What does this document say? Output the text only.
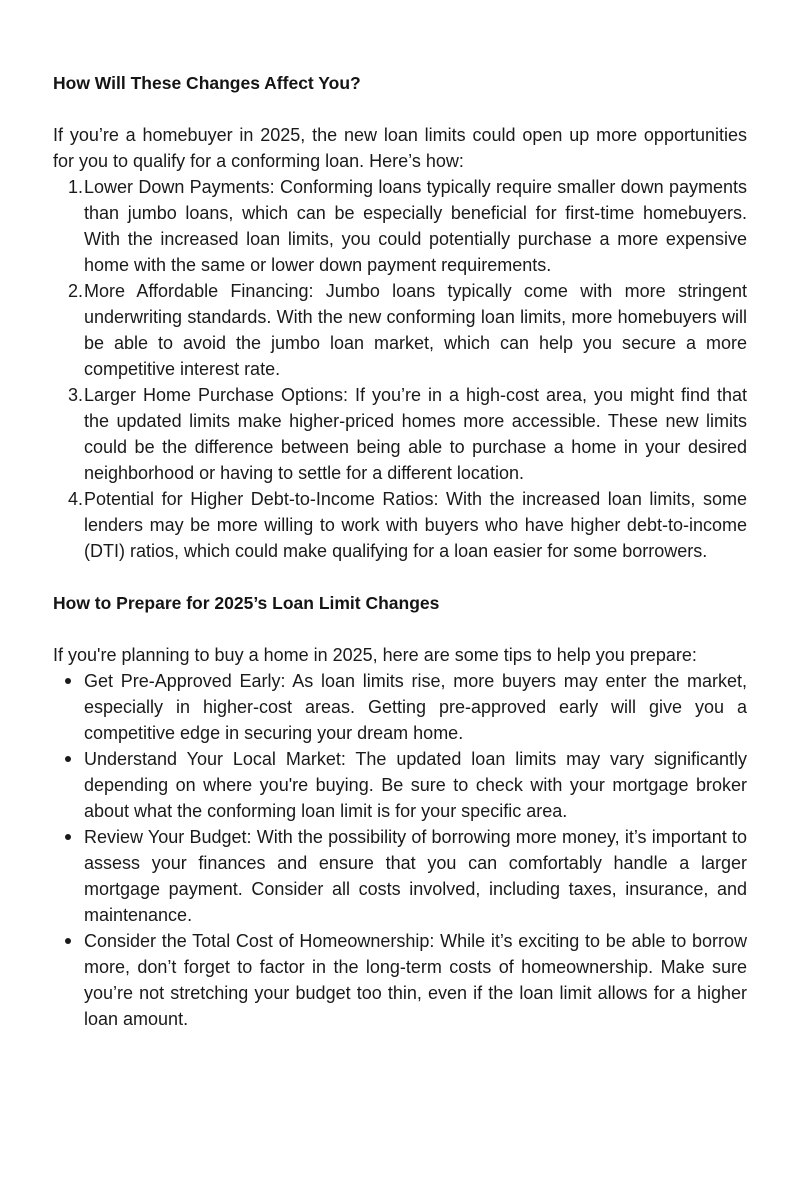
How Will These Changes Affect You?

If you’re a homebuyer in 2025, the new loan limits could open up more opportunities for you to qualify for a conforming loan. Here’s how:

1. Lower Down Payments: Conforming loans typically require smaller down payments than jumbo loans, which can be especially beneficial for first-time homebuyers. With the increased loan limits, you could potentially purchase a more expensive home with the same or lower down payment requirements.
2. More Affordable Financing: Jumbo loans typically come with more stringent underwriting standards. With the new conforming loan limits, more homebuyers will be able to avoid the jumbo loan market, which can help you secure a more competitive interest rate.
3. Larger Home Purchase Options: If you’re in a high-cost area, you might find that the updated limits make higher-priced homes more accessible. These new limits could be the difference between being able to purchase a home in your desired neighborhood or having to settle for a different location.
4. Potential for Higher Debt-to-Income Ratios: With the increased loan limits, some lenders may be more willing to work with buyers who have higher debt-to-income (DTI) ratios, which could make qualifying for a loan easier for some borrowers.
How to Prepare for 2025’s Loan Limit Changes

If you're planning to buy a home in 2025, here are some tips to help you prepare:

Get Pre-Approved Early: As loan limits rise, more buyers may enter the market, especially in higher-cost areas. Getting pre-approved early will give you a competitive edge in securing your dream home.
Understand Your Local Market: The updated loan limits may vary significantly depending on where you're buying. Be sure to check with your mortgage broker about what the conforming loan limit is for your specific area.
Review Your Budget: With the possibility of borrowing more money, it’s important to assess your finances and ensure that you can comfortably handle a larger mortgage payment. Consider all costs involved, including taxes, insurance, and maintenance.
Consider the Total Cost of Homeownership: While it’s exciting to be able to borrow more, don’t forget to factor in the long-term costs of homeownership. Make sure you’re not stretching your budget too thin, even if the loan limit allows for a higher loan amount.
